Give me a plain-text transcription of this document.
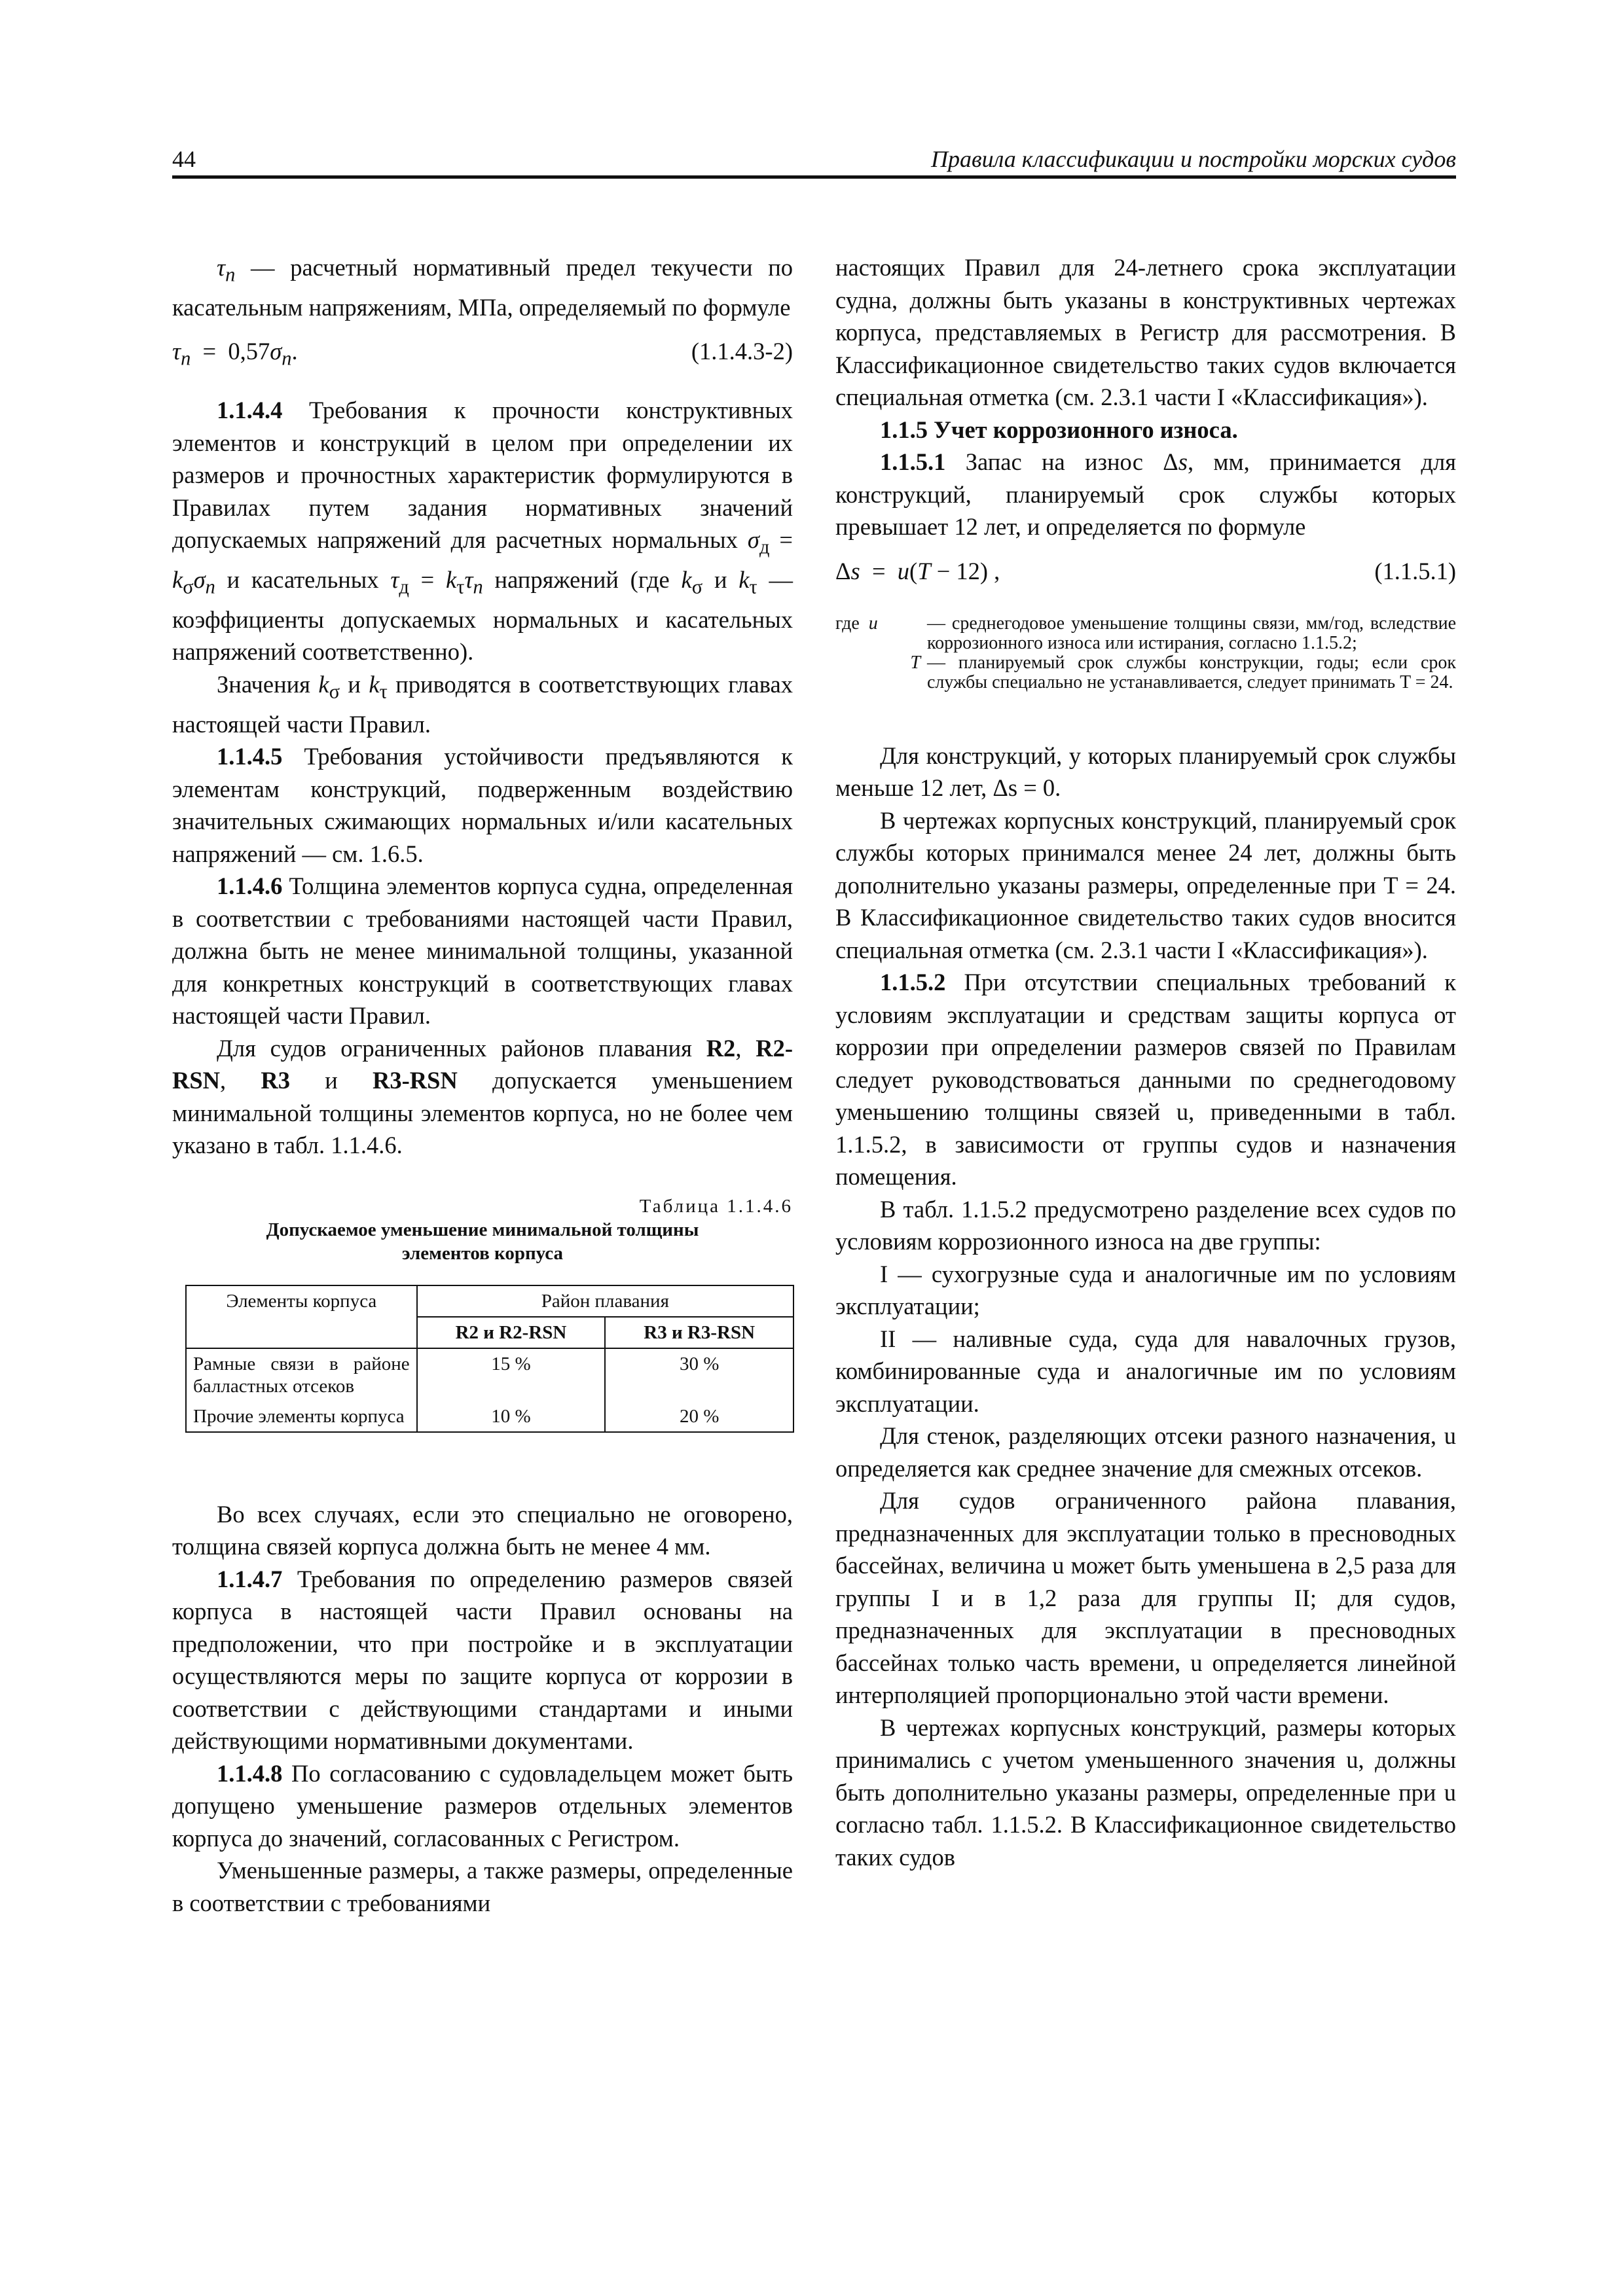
44	Правила классификации и постройки морских судов

$\tau_п$ — расчетный нормативный предел текучести по касательным напряжениям, МПа, определяемый по формуле

$\tau_п = 0,57\sigma_п$.	(1.1.4.3-2)

1.1.4.4 Требования к прочности конструктивных элементов и конструкций в целом при определении их размеров и прочностных характеристик формулируются в Правилах путем задания нормативных значений допускаемых напряжений для расчетных нормальных $\sigma_д = k_\sigma\sigma_п$ и касательных $\tau_д = k_\tau\tau_п$ напряжений (где $k_\sigma$ и $k_\tau$ — коэффициенты допускаемых нормальных и касательных напряжений соответственно).

Значения $k_\sigma$ и $k_\tau$ приводятся в соответствующих главах настоящей части Правил.

1.1.4.5 Требования устойчивости предъявляются к элементам конструкций, подверженным воздействию значительных сжимающих нормальных и/или касательных напряжений — см. 1.6.5.

1.1.4.6 Толщина элементов корпуса судна, определенная в соответствии с требованиями настоящей части Правил, должна быть не менее минимальной толщины, указанной для конкретных конструкций в соответствующих главах настоящей части Правил.

Для судов ограниченных районов плавания R2, R2-RSN, R3 и R3-RSN допускается уменьшением минимальной толщины элементов корпуса, но не более чем указано в табл. 1.1.4.6.

Таблица 1.1.4.6
Допускаемое уменьшение минимальной толщины
элементов корпуса
Элементы корпуса	Район плавания	
	R2 и R2-RSN	R3 и R3-RSN
Рамные связи в районе балластных отсеков	15 %	30 %
Прочие элементы корпуса	10 %	20 %

Во всех случаях, если это специально не оговорено, толщина связей корпуса должна быть не менее 4 мм.

1.1.4.7 Требования по определению размеров связей корпуса в настоящей части Правил основаны на предположении, что при постройке и в эксплуатации осуществляются меры по защите корпуса от коррозии в соответствии с действующими стандартами и иными действующими нормативными документами.

1.1.4.8 По согласованию с судовладельцем может быть допущено уменьшение размеров отдельных элементов корпуса до значений, согласованных с Регистром.

Уменьшенные размеры, а также размеры, определенные в соответствии с требованиями

настоящих Правил для 24-летнего срока эксплуатации судна, должны быть указаны в конструктивных чертежах корпуса, представляемых в Регистр для рассмотрения. В Классификационное свидетельство таких судов включается специальная отметка (см. 2.3.1 части I «Классификация»).

1.1.5 Учет коррозионного износа.

1.1.5.1 Запас на износ Δs, мм, принимается для конструкций, планируемый срок службы которых превышает 12 лет, и определяется по формуле

Δs  =  u(T − 12) ,	(1.1.5.1)
где u	— среднегодовое уменьшение толщины связи, мм/год, вследствие коррозионного износа или истирания, согласно 1.1.5.2;
T — планируемый срок службы конструкции, годы; если срок службы специально не устанавливается, следует принимать T = 24.

Для конструкций, у которых планируемый срок службы меньше 12 лет, Δs = 0.

В чертежах корпусных конструкций, планируемый срок службы которых принимался менее 24 лет, должны быть дополнительно указаны размеры, определенные при T = 24. В Классификационное свидетельство таких судов вносится специальная отметка (см. 2.3.1 части I «Классификация»).

1.1.5.2 При отсутствии специальных требований к условиям эксплуатации и средствам защиты корпуса от коррозии при определении размеров связей по Правилам следует руководствоваться данными по среднегодовому уменьшению толщины связей u, приведенными в табл. 1.1.5.2, в зависимости от группы судов и назначения помещения.

В табл. 1.1.5.2 предусмотрено разделение всех судов по условиям коррозионного износа на две группы:

I — сухогрузные суда и аналогичные им по условиям эксплуатации;

II — наливные суда, суда для навалочных грузов, комбинированные суда и аналогичные им по условиям эксплуатации.

Для стенок, разделяющих отсеки разного назначения, u определяется как среднее значение для смежных отсеков.

Для судов ограниченного района плавания, предназначенных для эксплуатации только в пресноводных бассейнах, величина u может быть уменьшена в 2,5 раза для группы I и в 1,2 раза для группы II; для судов, предназначенных для эксплуатации в пресноводных бассейнах только часть времени, u определяется линейной интерполяцией пропорционально этой части времени.

В чертежах корпусных конструкций, размеры которых принимались с учетом уменьшенного значения u, должны быть дополнительно указаны размеры, определенные при u согласно табл. 1.1.5.2. В Классификационное свидетельство таких судов
